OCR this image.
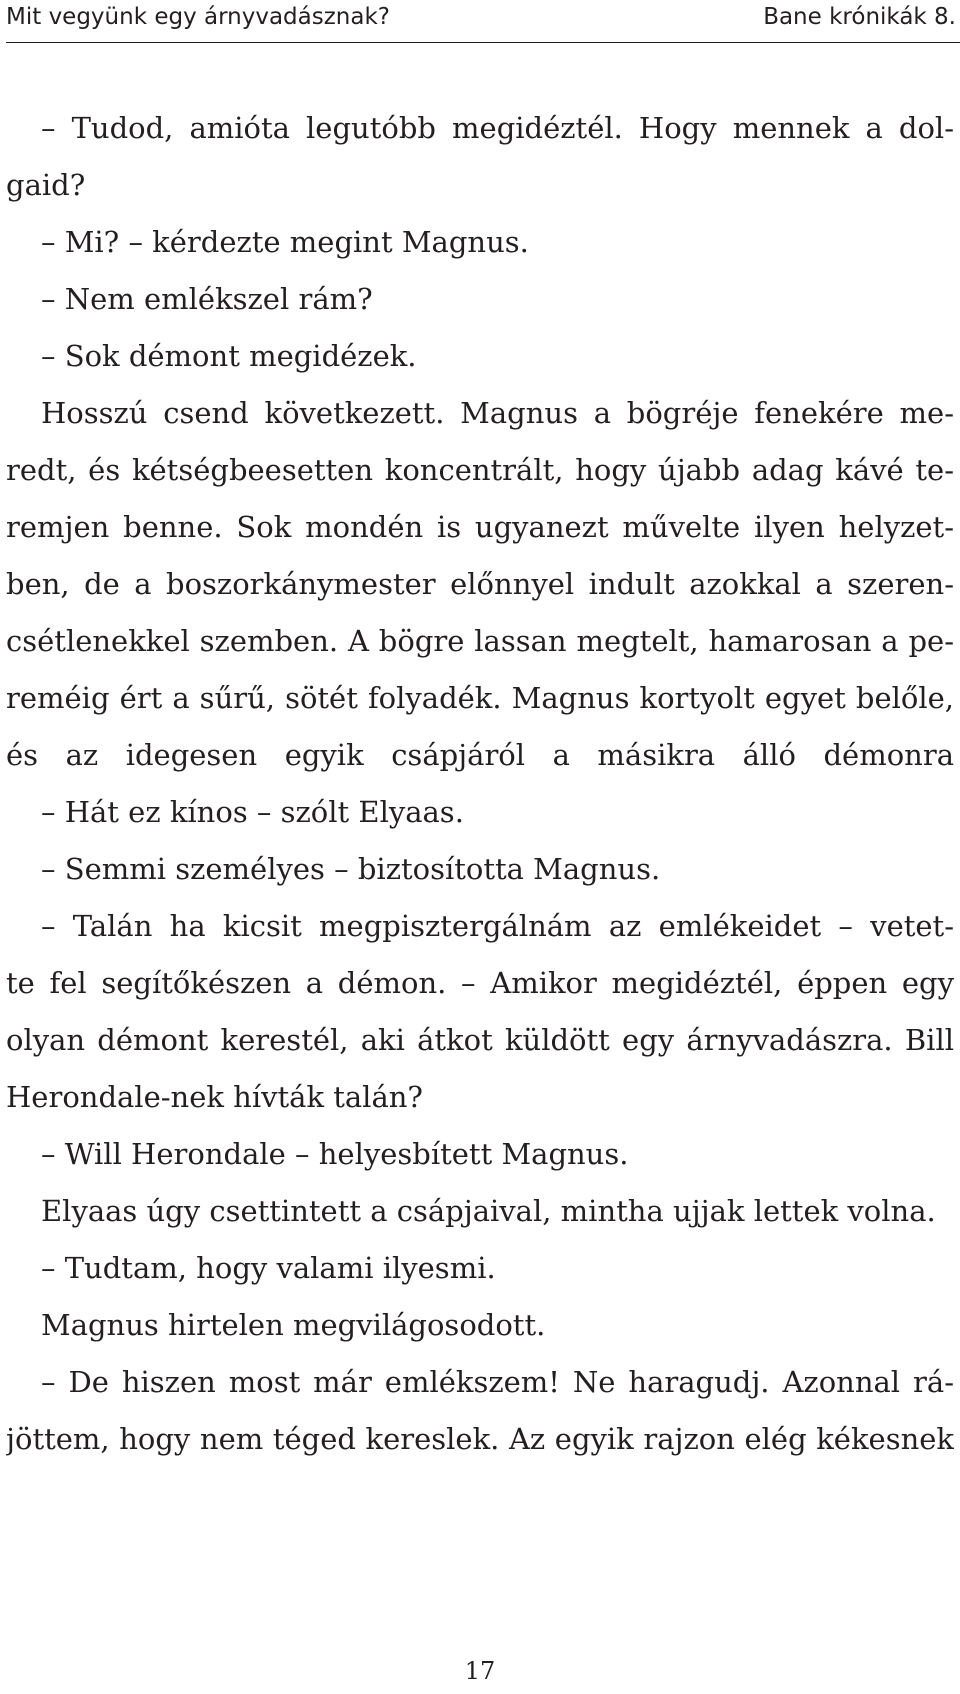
Mit vegyünk egy árnyvadásznak?	Bane krónikák 8.
– Tudod, amióta legutóbb megidéztél. Hogy mennek a dol-
gaid?
– Mi? – kérdezte megint Magnus.
– Nem emlékszel rám?
– Sok démont megidézek.
Hosszú csend következett. Magnus a bögréje fenekére me-
redt, és kétségbeesetten koncentrált, hogy újabb adag kávé te-
remjen benne. Sok mondén is ugyanezt művelte ilyen helyzet-
ben, de a boszorkánymester előnnyel indult azokkal a szeren-
csétlenekkel szemben. A bögre lassan megtelt, hamarosan a pe-
reméig ért a sűrű, sötét folyadék. Magnus kortyolt egyet belőle,
és az idegesen egyik csápjáról a másikra álló démonra
– Hát ez kínos – szólt Elyaas.
– Semmi személyes – biztosította Magnus.
– Talán ha kicsit megpisztergálnám az emlékeidet – vetet-
te fel segítőkészen a démon. – Amikor megidéztél, éppen egy
olyan démont kerestél, aki átkot küldött egy árnyvadászra. Bill
Herondale-nek hívták talán?
– Will Herondale – helyesbített Magnus.
Elyaas úgy csettintett a csápjaival, mintha ujjak lettek volna.
– Tudtam, hogy valami ilyesmi.
Magnus hirtelen megvilágosodott.
– De hiszen most már emlékszem! Ne haragudj. Azonnal rá-
jöttem, hogy nem téged kereslek. Az egyik rajzon elég kékesnek
17
